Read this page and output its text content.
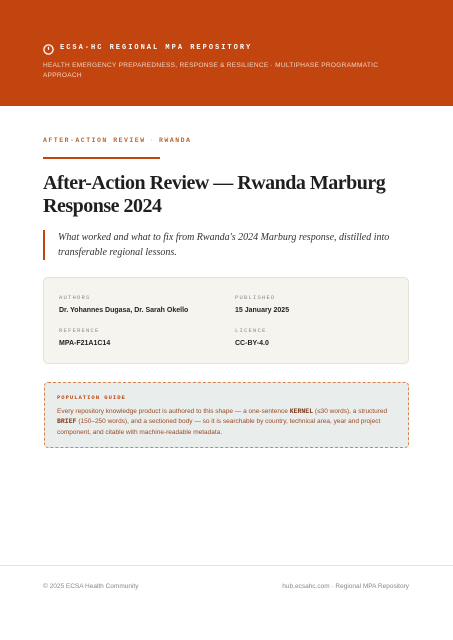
ECSA-HC REGIONAL MPA REPOSITORY
HEALTH EMERGENCY PREPAREDNESS, RESPONSE & RESILIENCE · MULTIPHASE PROGRAMMATIC APPROACH
AFTER-ACTION REVIEW · RWANDA
After-Action Review — Rwanda Marburg Response 2024
What worked and what to fix from Rwanda's 2024 Marburg response, distilled into transferable regional lessons.
AUTHORS
Dr. Yohannes Dugasa, Dr. Sarah Okello
PUBLISHED
15 January 2025
REFERENCE
MPA-F21A1C14
LICENCE
CC-BY-4.0
POPULATION GUIDE
Every repository knowledge product is authored to this shape — a one-sentence KERNEL (≤30 words), a structured BRIEF (150–250 words), and a sectioned body — so it is searchable by country, technical area, year and project component, and citable with machine-readable metadata.
© 2025 ECSA Health Community	hub.ecsahc.com · Regional MPA Repository
